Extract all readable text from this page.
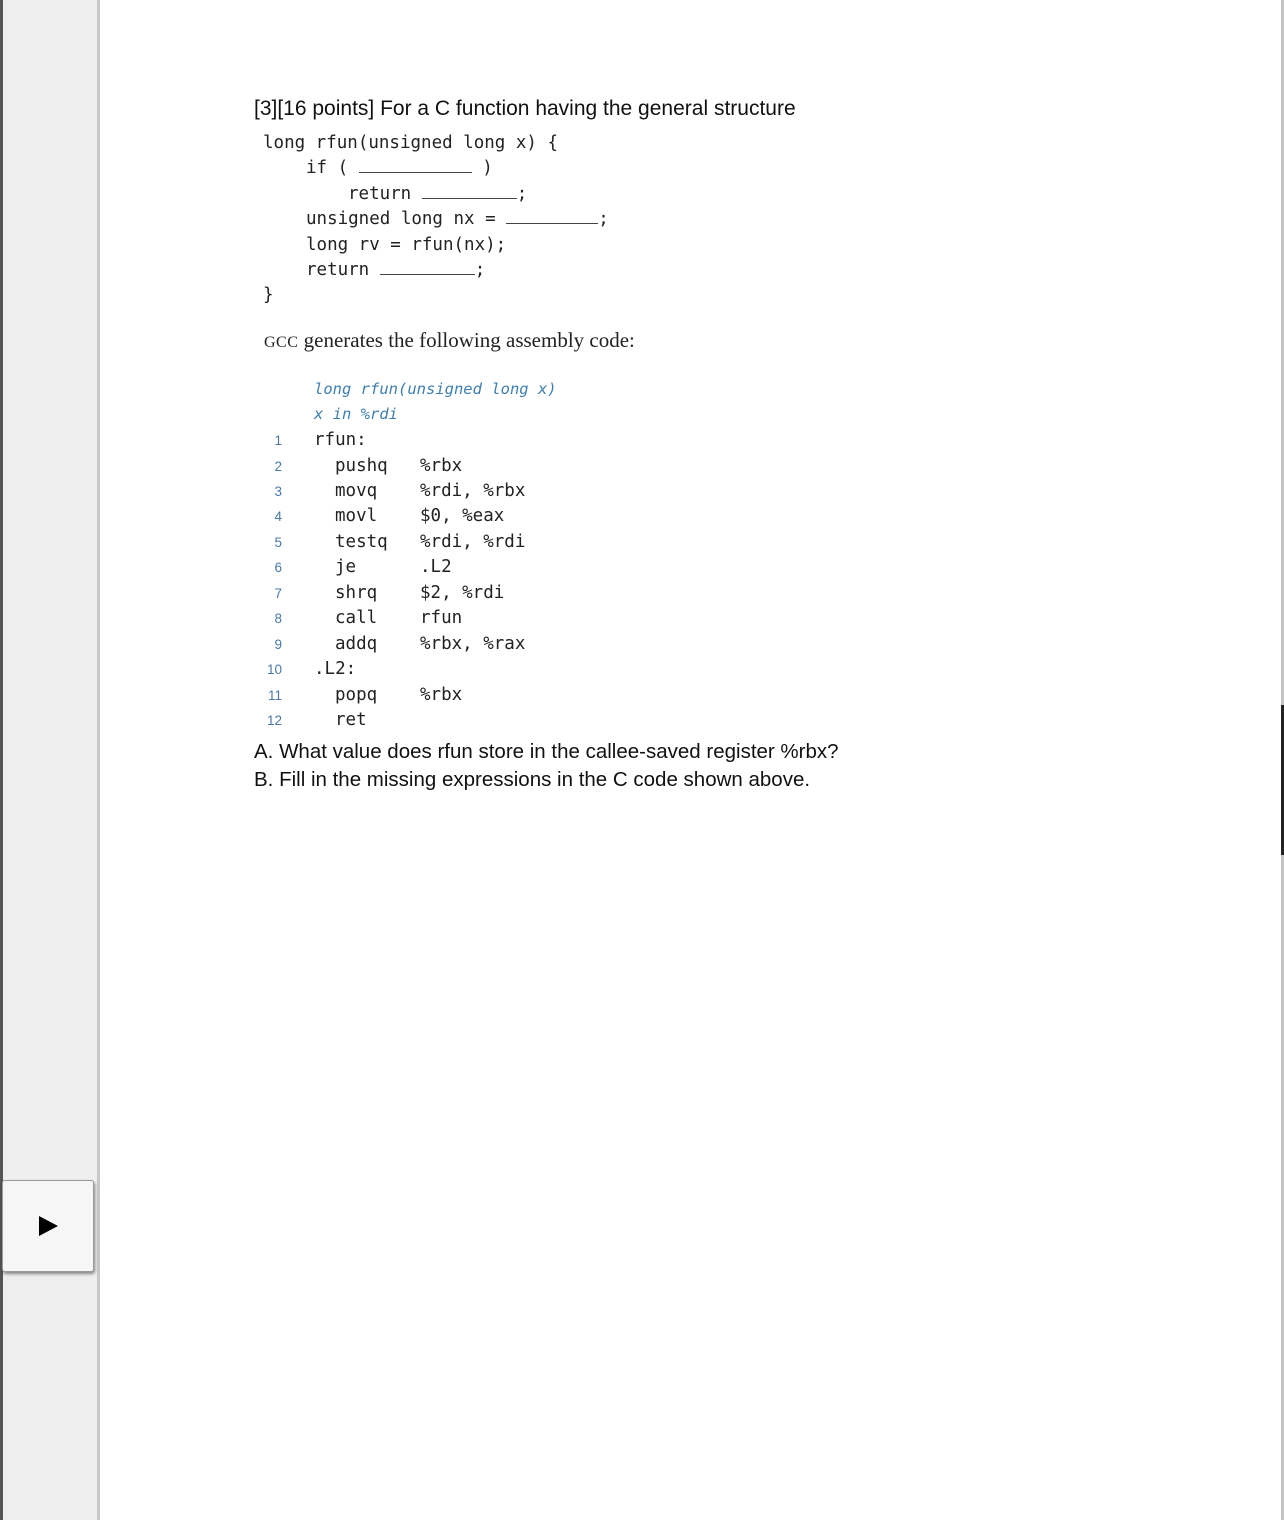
[3][16 points] For a C function having the general structure
long rfun(unsigned long x) {
if (	)
return	;
unsigned long nx =	;
long rv = rfun(nx);
return	;
}

GCC generates the following assembly code:

long rfun(unsigned long x)

x in %rdi

1 rfun:
2	pushq %rbx
3	movq %rdi, %rbx
4	movl $0, %eax
5	testq %rdi, %rdi
6	je	.L2
7	shrq $2, %rdi
8	call rfun
9	addq %rbx, %rax
10 .L2:
11	popq %rbx
12	ret

A. What value does rfun store in the callee-saved register %rbx?

B. Fill in the missing expressions in the C code shown above.
